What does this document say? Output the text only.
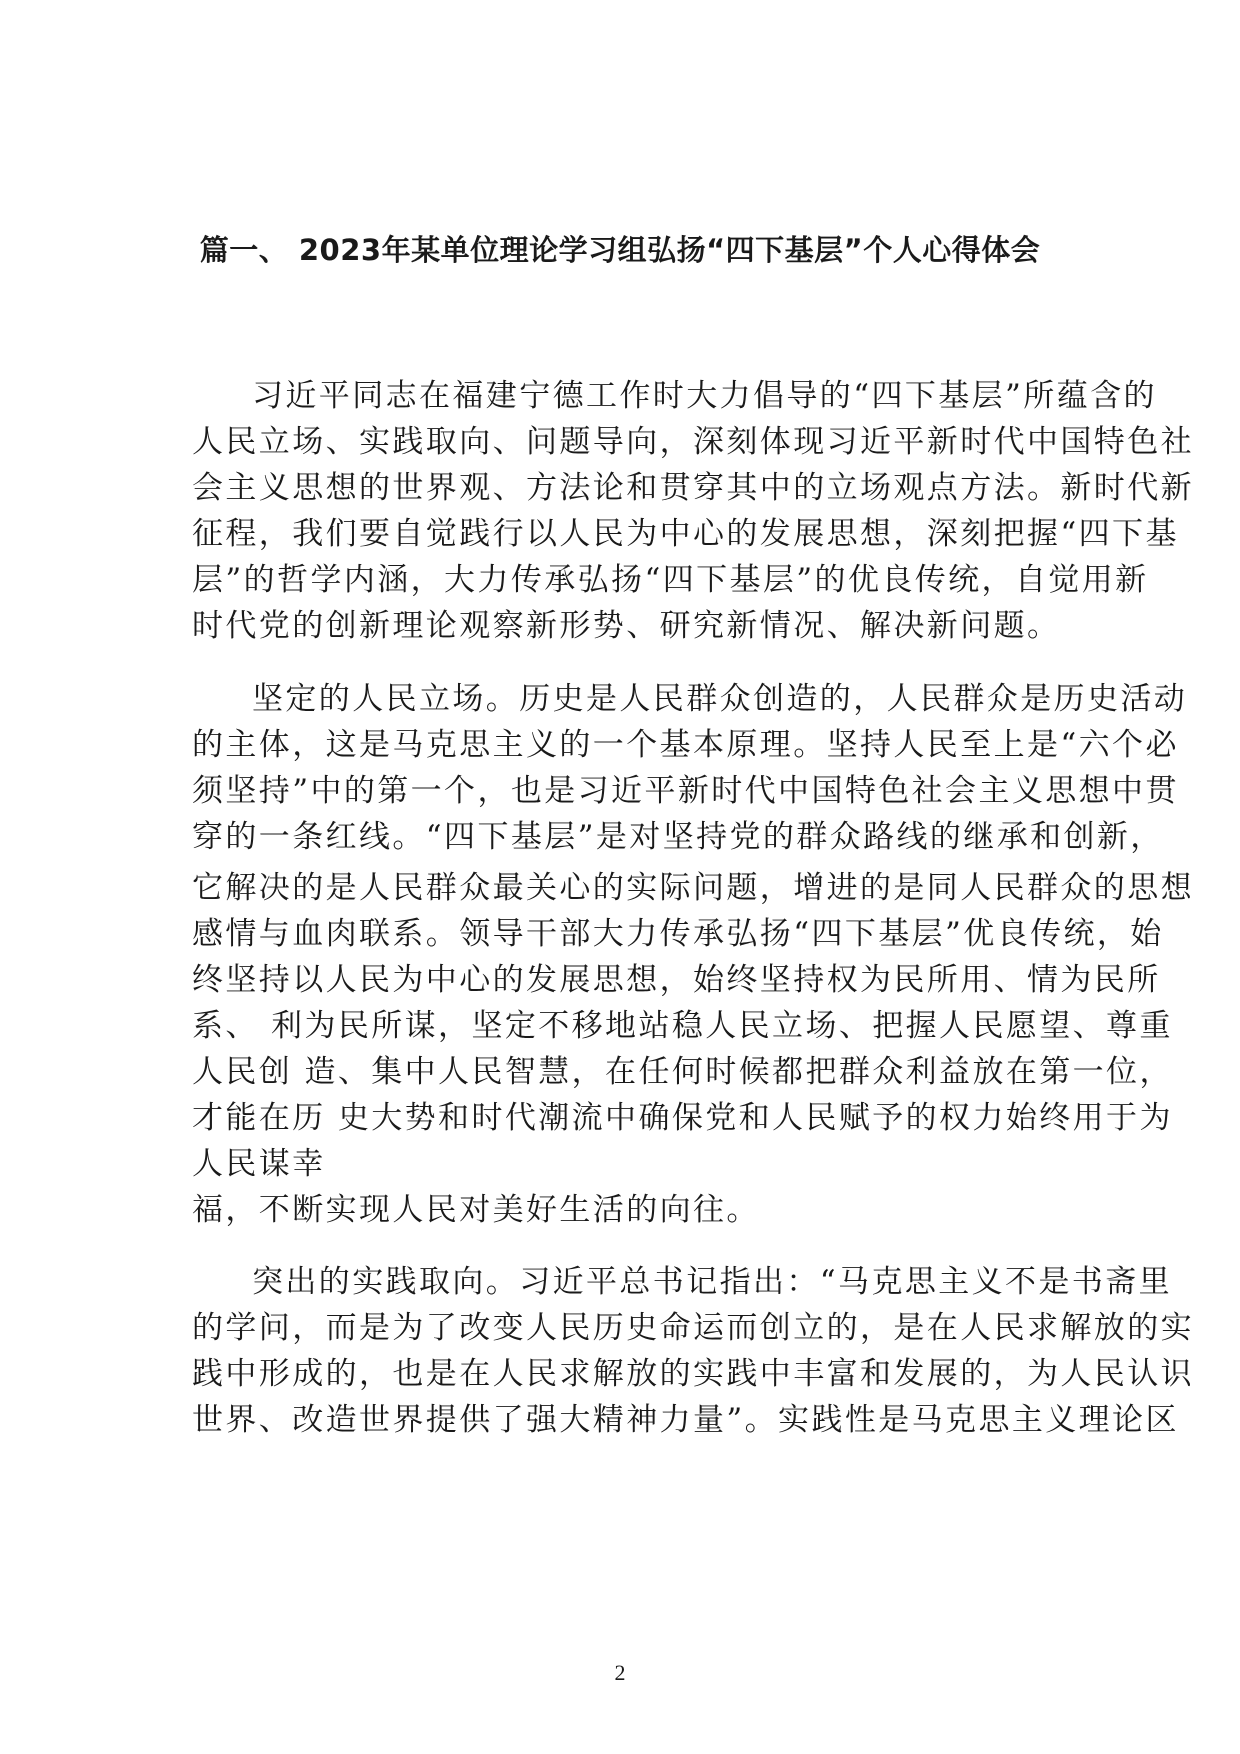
篇一、 2023年某单位理论学习组弘扬“四下基层”个人心得体会
习近平同志在福建宁德工作时大力倡导的“四下基层”所蕴含的
人民立场、实践取向、问题导向，深刻体现习近平新时代中国特色社
会主义思想的世界观、方法论和贯穿其中的立场观点方法。新时代新
征程，我们要自觉践行以人民为中心的发展思想，深刻把握“四下基
层”的哲学内涵，大力传承弘扬“四下基层”的优良传统，自觉用新
时代党的创新理论观察新形势、研究新情况、解决新问题。
坚定的人民立场。历史是人民群众创造的，人民群众是历史活动
的主体，这是马克思主义的一个基本原理。坚持人民至上是“六个必
须坚持”中的第一个，也是习近平新时代中国特色社会主义思想中贯
穿的一条红线。“四下基层”是对坚持党的群众路线的继承和创新，
它解决的是人民群众最关心的实际问题，增进的是同人民群众的思想
感情与血肉联系。领导干部大力传承弘扬“四下基层”优良传统，始
终坚持以人民为中心的发展思想，始终坚持权为民所用、情为民所
系、 利为民所谋，坚定不移地站稳人民立场、把握人民愿望、尊重
人民创 造、集中人民智慧，在任何时候都把群众利益放在第一位，
才能在历 史大势和时代潮流中确保党和人民赋予的权力始终用于为
人民谋幸
福，不断实现人民对美好生活的向往。
突出的实践取向。习近平总书记指出：“马克思主义不是书斋里
的学问，而是为了改变人民历史命运而创立的，是在人民求解放的实
践中形成的，也是在人民求解放的实践中丰富和发展的，为人民认识
世界、改造世界提供了强大精神力量”。实践性是马克思主义理论区
2
